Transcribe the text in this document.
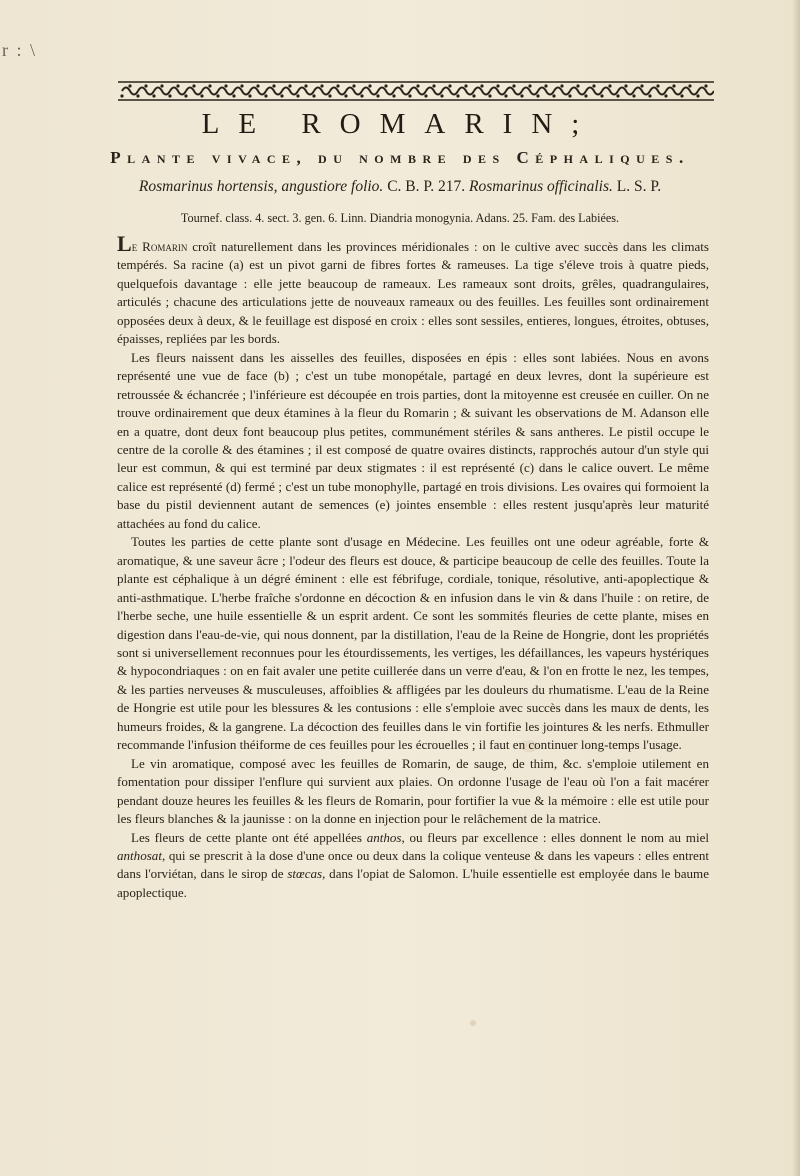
r : \
LE ROMARIN;
Plante vivace, du nombre des Céphaliques.
Rosmarinus hortensis, angustiore folio. C. B. P. 217. Rosmarinus officinalis. L. S. P.
Tournef. class. 4. sect. 3. gen. 6. Linn. Diandria monogynia. Adans. 25. Fam. des Labiées.

Le Romarin croît naturellement dans les provinces méridionales : on le cultive avec succès dans les climats tempérés. Sa racine (a) est un pivot garni de fibres fortes & rameuses. La tige s'éleve trois à quatre pieds, quelquefois davantage : elle jette beaucoup de rameaux. Les rameaux sont droits, grêles, quadrangulaires, articulés ; chacune des articulations jette de nouveaux rameaux ou des feuilles. Les feuilles sont ordinairement opposées deux à deux, & le feuillage est disposé en croix : elles sont sessiles, entieres, longues, étroites, obtuses, épaisses, repliées par les bords.

Les fleurs naissent dans les aisselles des feuilles, disposées en épis : elles sont labiées. Nous en avons représenté une vue de face (b) ; c'est un tube monopétale, partagé en deux levres, dont la supérieure est retroussée & échancrée ; l'inférieure est découpée en trois parties, dont la mitoyenne est creusée en cuiller. On ne trouve ordinairement que deux étamines à la fleur du Romarin ; & suivant les observations de M. Adanson elle en a quatre, dont deux font beaucoup plus petites, communément stériles & sans antheres. Le pistil occupe le centre de la corolle & des étamines ; il est composé de quatre ovaires distincts, rapprochés autour d'un style qui leur est commun, & qui est terminé par deux stigmates : il est représenté (c) dans le calice ouvert. Le même calice est représenté (d) fermé ; c'est un tube monophylle, partagé en trois divisions. Les ovaires qui formoient la base du pistil deviennent autant de semences (e) jointes ensemble : elles restent jusqu'après leur maturité attachées au fond du calice.

Toutes les parties de cette plante sont d'usage en Médecine. Les feuilles ont une odeur agréable, forte & aromatique, & une saveur âcre ; l'odeur des fleurs est douce, & participe beaucoup de celle des feuilles. Toute la plante est céphalique à un dégré éminent : elle est fébrifuge, cordiale, tonique, résolutive, anti-apoplectique & anti-asthmatique. L'herbe fraîche s'ordonne en décoction & en infusion dans le vin & dans l'huile : on retire, de l'herbe seche, une huile essentielle & un esprit ardent. Ce sont les sommités fleuries de cette plante, mises en digestion dans l'eau-de-vie, qui nous donnent, par la distillation, l'eau de la Reine de Hongrie, dont les propriétés sont si universellement reconnues pour les étourdissements, les vertiges, les défaillances, les vapeurs hystériques & hypocondriaques : on en fait avaler une petite cuillerée dans un verre d'eau, & l'on en frotte le nez, les tempes, & les parties nerveuses & musculeuses, affoiblies & affligées par les douleurs du rhumatisme. L'eau de la Reine de Hongrie est utile pour les blessures & les contusions : elle s'emploie avec succès dans les maux de dents, les humeurs froides, & la gangrene. La décoction des feuilles dans le vin fortifie les jointures & les nerfs. Ethmuller recommande l'infusion théiforme de ces feuilles pour les écrouelles ; il faut en continuer long-temps l'usage.

Le vin aromatique, composé avec les feuilles de Romarin, de sauge, de thim, &c. s'emploie utilement en fomentation pour dissiper l'enflure qui survient aux plaies. On ordonne l'usage de l'eau où l'on a fait macérer pendant douze heures les feuilles & les fleurs de Romarin, pour fortifier la vue & la mémoire : elle est utile pour les fleurs blanches & la jaunisse : on la donne en injection pour le relâchement de la matrice.

Les fleurs de cette plante ont été appellées anthos, ou fleurs par excellence : elles donnent le nom au miel anthosat, qui se prescrit à la dose d'une once ou deux dans la colique venteuse & dans les vapeurs : elles entrent dans l'orviétan, dans le sirop de stœcas, dans l'opiat de Salomon. L'huile essentielle est employée dans le baume apoplectique.
